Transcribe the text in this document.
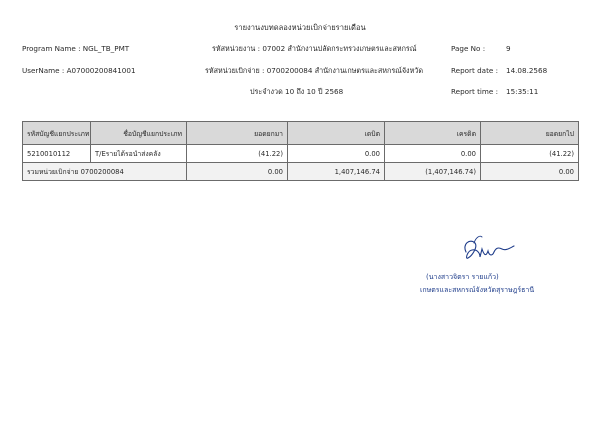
รายงานงบทดลองหน่วยเบิกจ่ายรายเดือน
Program Name : NGL_TB_PMT
UserName : A07000200841001
รหัสหน่วยงาน : 07002 สำนักงานปลัดกระทรวงเกษตรและสหกรณ์
รหัสหน่วยเบิกจ่าย : 0700200084 สำนักงานเกษตรและสหกรณ์จังหวัด
ประจำงวด 10 ถึง 10 ปี 2568
Page No :	9
Report date : 14.08.2568
Report time : 15:35:11
รหัสบัญชีแยกประเภท	ชื่อบัญชีแยกประเภท	ยอดยกมา	เดบิต	เครดิต	ยอดยกไป
5210010112	T/Eรายได้รอนำส่งคลัง	(41.22)	0.00	0.00	(41.22)
รวมหน่วยเบิกจ่าย 0700200084		0.00	1,407,146.74	(1,407,146.74)	0.00
(นางสาวจิตรา รายแก้ว)
เกษตรและสหกรณ์จังหวัดสุราษฎร์ธานี
